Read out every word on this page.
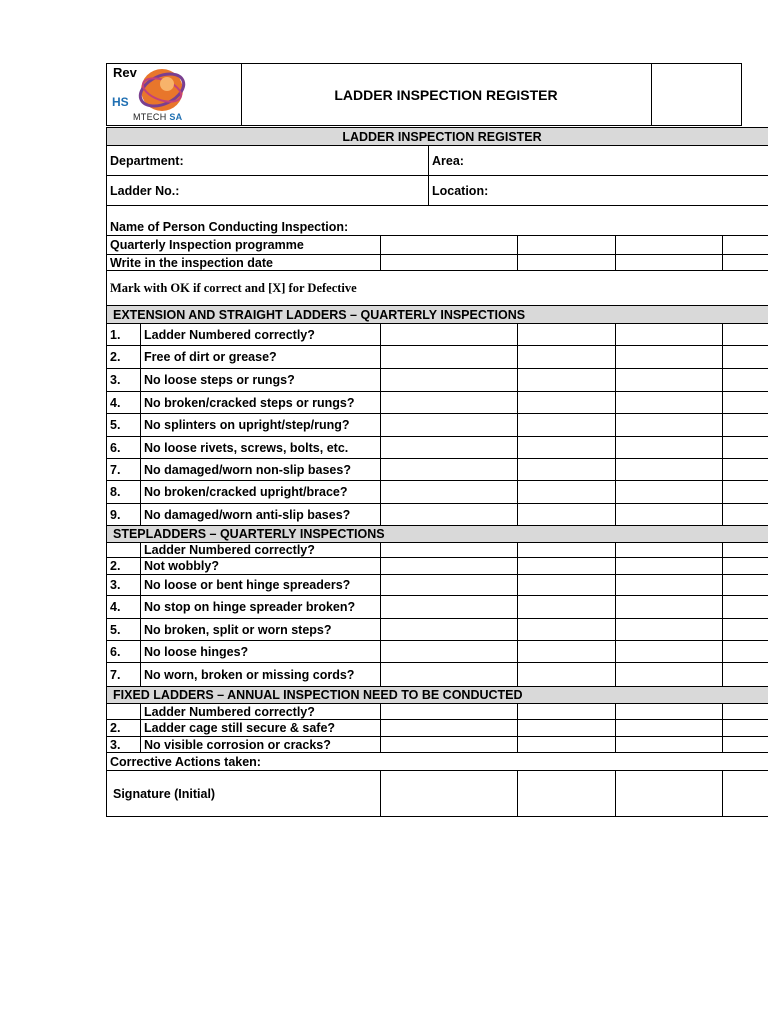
Rev
HS
MTECH SA
LADDER INSPECTION REGISTER
LADDER INSPECTION REGISTER						
Department:			Area:			
Ladder No.:			Location:			
Name of Person Conducting Inspection:						
Quarterly Inspection programme						
Write in the inspection date						
Mark with OK if correct and [X] for Defective						
EXTENSION AND STRAIGHT LADDERS – QUARTERLY INSPECTIONS						
1.	Ladder Numbered correctly?					
2.	Free of dirt or grease?					
3.	No loose steps or rungs?					
4.	No broken/cracked steps or rungs?					
5.	No splinters on upright/step/rung?					
6.	No loose rivets, screws, bolts, etc.					
7.	No damaged/worn non-slip bases?					
8.	No broken/cracked upright/brace?					
9.	No damaged/worn anti-slip bases?					
STEPLADDERS – QUARTERLY INSPECTIONS						
	Ladder Numbered correctly?					
2.	Not wobbly?					
3.	No loose or bent hinge spreaders?					
4.	No stop on hinge spreader broken?					
5.	No broken, split or worn steps?					
6.	No loose hinges?					
7.	No worn, broken or missing cords?					
FIXED LADDERS – ANNUAL INSPECTION NEED TO BE CONDUCTED						
	Ladder Numbered correctly?					
2.	Ladder cage still secure & safe?					
3.	No visible corrosion or cracks?					
Corrective Actions taken:						
Signature (Initial)						
